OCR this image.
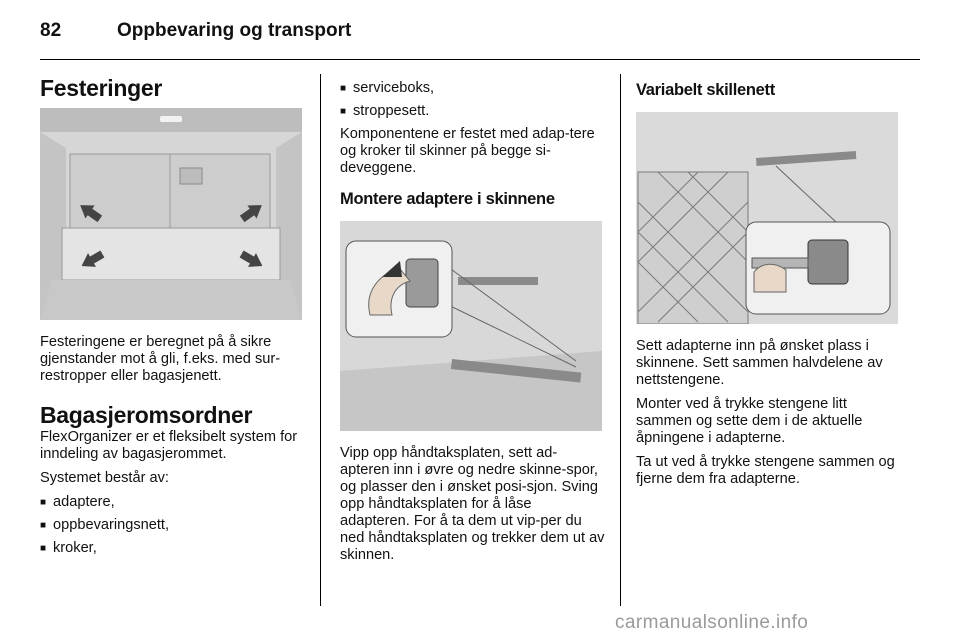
82	Oppbevaring og transport
Festeringer

Festeringene er beregnet på å sikre gjenstander mot å gli, f.eks. med sur-restropper eller bagasjenett.

Bagasjeromsordner

FlexOrganizer er et fleksibelt system for inndeling av bagasjerommet.

Systemet består av:

■ adaptere,
■ oppbevaringsnett,
■ kroker,
■ serviceboks,
■ stroppesett.

Komponentene er festet med adap-tere og kroker til skinner på begge si-deveggene.

Montere adaptere i skinnene

Vipp opp håndtaksplaten, sett ad-apteren inn i øvre og nedre skinne-spor, og plasser den i ønsket posi-sjon. Sving opp håndtaksplaten for å låse adapteren. For å ta dem ut vip-per du ned håndtaksplaten og trekker dem ut av skinnen.

Variabelt skillenett

Sett adapterne inn på ønsket plass i skinnene. Sett sammen halvdelene av nettstengene.

Monter ved å trykke stengene litt sammen og sette dem i de aktuelle åpningene i adapterne.

Ta ut ved å trykke stengene sammen og fjerne dem fra adapterne.

carmanualsonline.info
